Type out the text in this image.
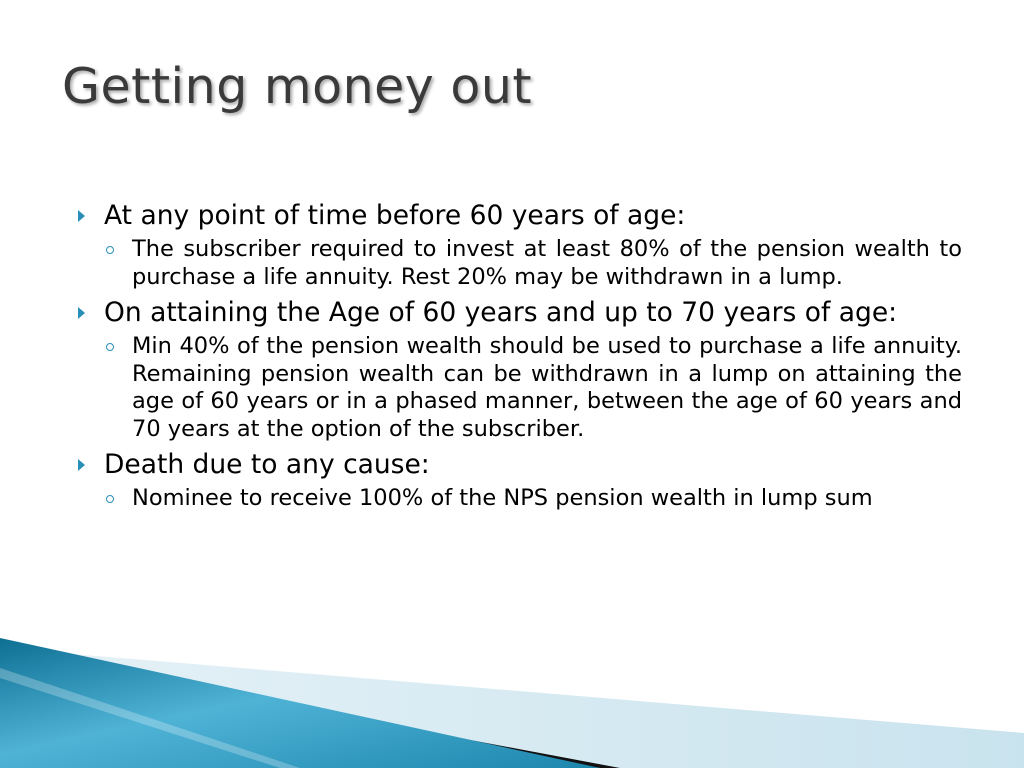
Getting money out
At any point of time before 60 years of age:
The subscriber required to invest at least 80% of the pension wealth to purchase a life annuity. Rest 20% may be withdrawn in a lump.
On attaining the Age of 60 years and up to 70 years of age:
Min 40% of the pension wealth should be used to purchase a life annuity. Remaining pension wealth can be withdrawn in a lump on attaining the age of 60 years or in a phased manner, between the age of 60 years and 70 years at the option of the subscriber.
Death due to any cause:
Nominee to receive 100% of the NPS pension wealth in lump sum
